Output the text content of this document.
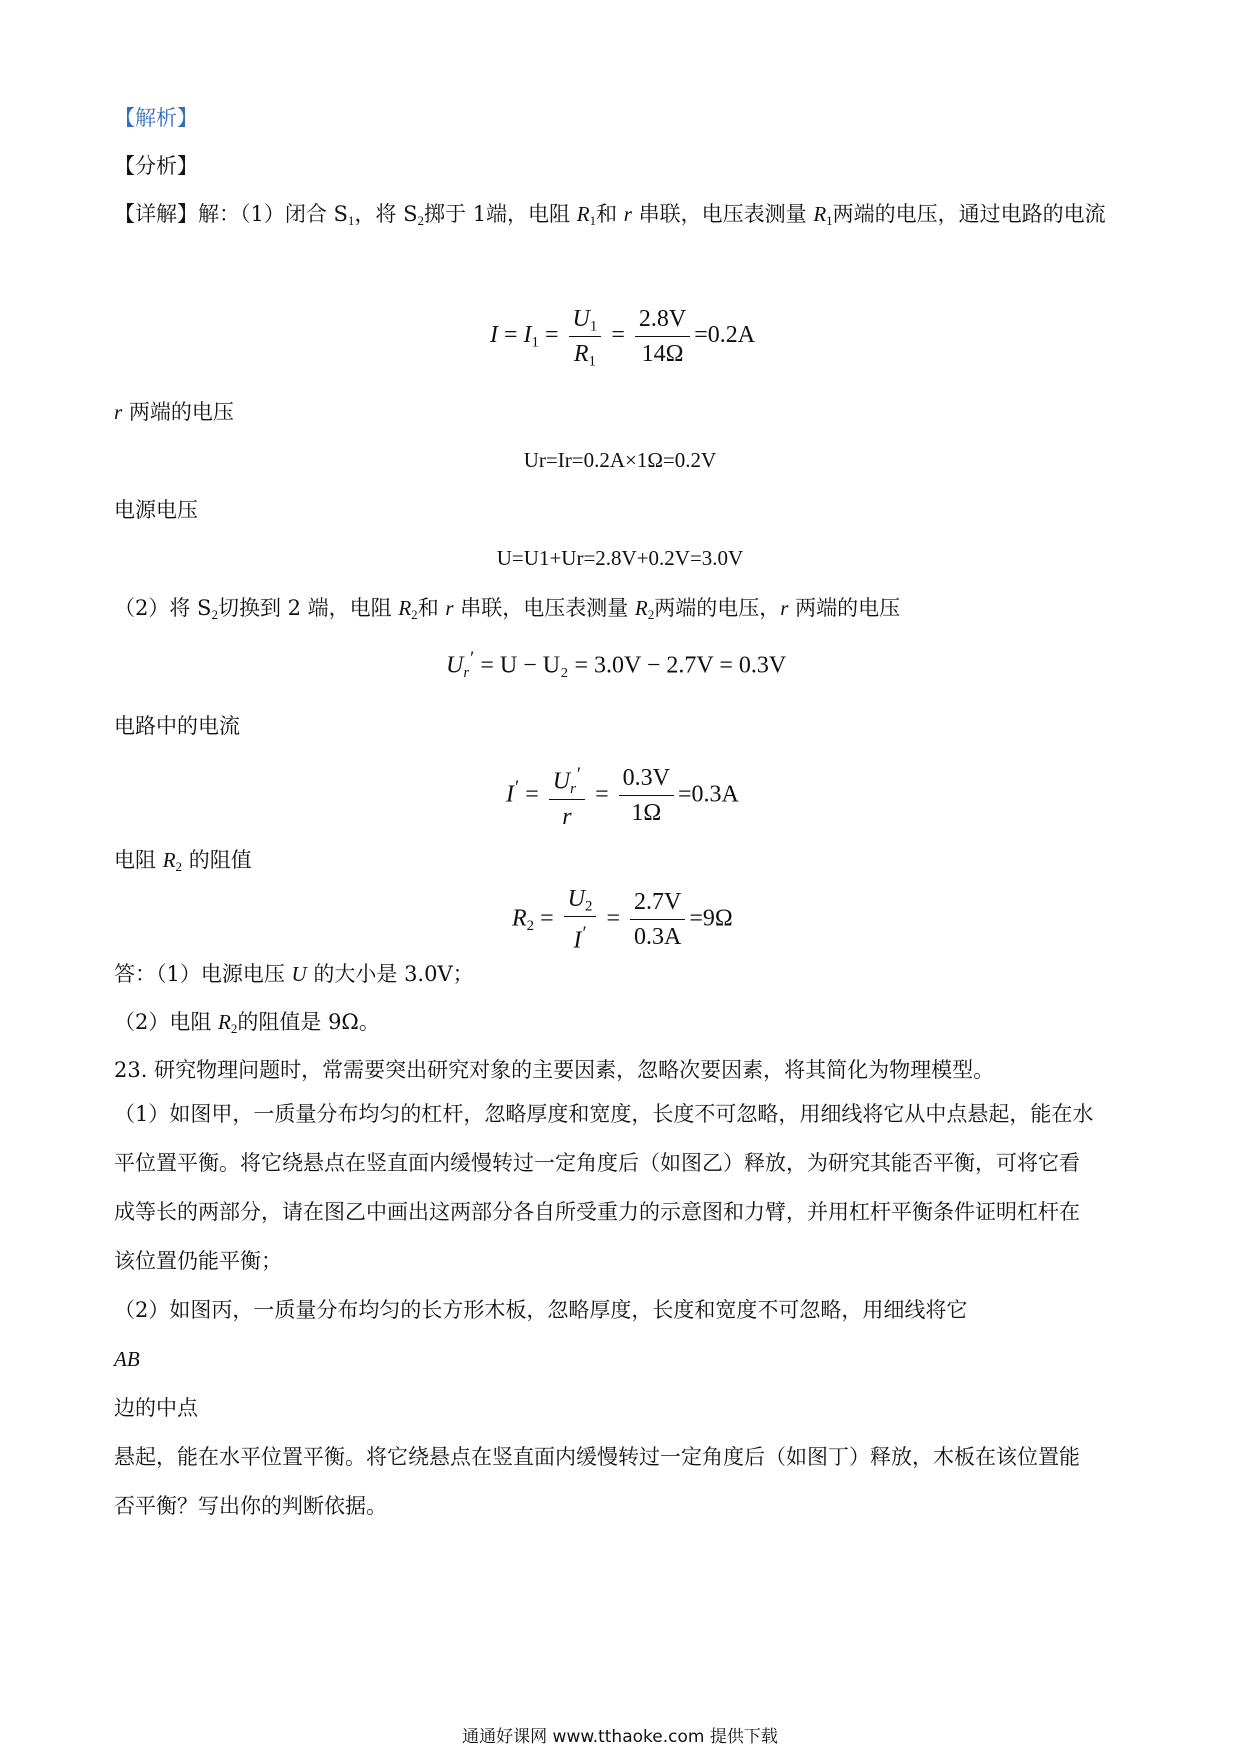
【解析】
【分析】
【详解】解：（1）闭合 $S_1$，将 $S_2$掷于 1端，电阻 $R_1$和 r 串联，电压表测量 $R_1$两端的电压，通过电路的电流
$I = I_1 = \frac{U_1}{R_1} = \frac{2.8V}{14\Omega} =0.2A$
r 两端的电压
Ur=Ir=0.2A×1Ω=0.2V
电源电压
U=U1+Ur=2.8V+0.2V=3.0V
（2）将 $S_2$切换到 2 端，电阻 $R_2$和 r 串联，电压表测量 $R_2$两端的电压，r 两端的电压
$U_r' = U - U_2 = 3.0V - 2.7V = 0.3V$
电路中的电流
$I' = \frac{U_r'}{r} = \frac{0.3V}{1\Omega} =0.3A$
电阻 $R_2$ 的阻值
$R_2 = \frac{U_2}{I'} = \frac{2.7V}{0.3A} =9\Omega$
答：（1）电源电压 U 的大小是 3.0V；
（2）电阻 $R_2$的阻值是 9Ω。
23. 研究物理问题时，常需要突出研究对象的主要因素，忽略次要因素，将其简化为物理模型。
（1）如图甲，一质量分布均匀的杠杆，忽略厚度和宽度，长度不可忽略，用细线将它从中点悬起，能在水
平位置平衡。将它绕悬点在竖直面内缓慢转过一定角度后（如图乙）释放，为研究其能否平衡，可将它看
成等长的两部分，请在图乙中画出这两部分各自所受重力的示意图和力臂，并用杠杆平衡条件证明杠杆在
该位置仍能平衡；
（2）如图丙，一质量分布均匀的长方形木板，忽略厚度，长度和宽度不可忽略，用细线将它
AB
边的中点
悬起，能在水平位置平衡。将它绕悬点在竖直面内缓慢转过一定角度后（如图丁）释放，木板在该位置能
否平衡？写出你的判断依据。
通通好课网 www.tthaoke.com 提供下载
